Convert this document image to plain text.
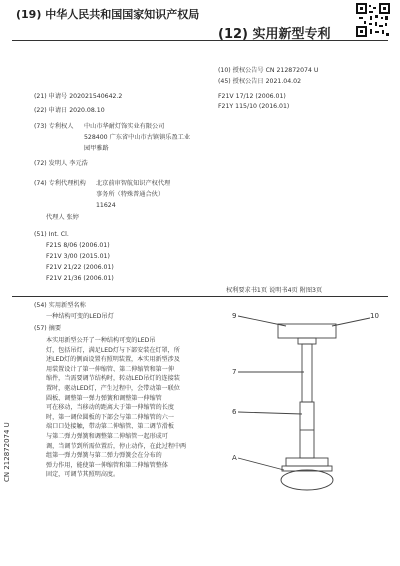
(19) 中华人民共和国国家知识产权局
(12) 实用新型专利
(10) 授权公告号 CN 212872074 U
(45) 授权公告日 2021.04.02
(21) 申请号 202021540642.2
(22) 申请日 2020.08.10
(73) 专利权人 中山市华耐灯饰实业有限公司
528400 广东省中山市古镇镇乐盈工业
园甲雅路
(72) 发明人 李元浩
(74) 专利代理机构 北京前审智航知识产权代理
事务所（特殊普通合伙）
11624
代理人 张婷
(51) Int. Cl.
F21S 8/06 (2006.01)
F21V 3/00 (2015.01)
F21V 21/22 (2006.01)
F21V 21/36 (2006.01)
F21V 17/12 (2006.01)
F21Y 115/10 (2016.01)
权利要求书1页 说明书4页 附图3页
(54) 实用新型名称
一种结构可变的LED吊灯
(57) 摘要

本实用新型公开了一种结构可变的LED吊

灯，包括吊灯，满足LED灯与下部安装在灯罩，所

述LED灯的侧面设置有照明装置，本实用新型涉及

用装置设计了第一伸缩管、第二伸缩管和第一伸

缩件，当需要调节结构时，转动LED吊灯的连接装

置时，驱动LED灯，产生过程中，会带动第一联位

圆板、调整第一弹力弹簧和调整第一伸缩管

可在移动，当移动的距离大于第一伸缩管的长度

时，第一调位圆板的下部会与第二伸缩管的六一

端口口处接触，带动第二伸缩管、第二调节滑板

与第二弹力弹簧和调整第二伸缩管一起形成可

调，当调节到所需位置后，停止动作，在此过程中两

组第一弹力弹簧与第二弹力弹簧会在分布的

弹力作用，能使第一伸缩管和第二伸缩管整体

固定，可调节其照明高度。

9	10
7
6
A
CN 212872074 U
